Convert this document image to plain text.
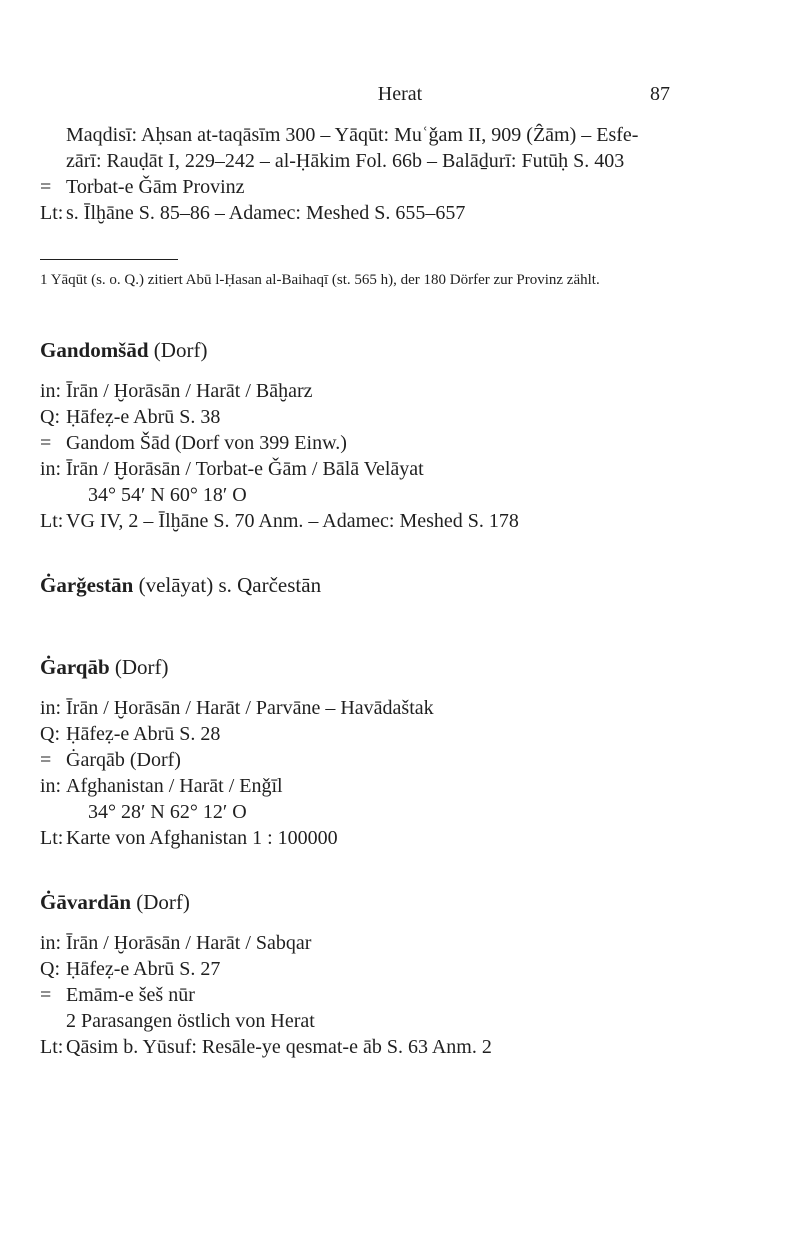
Herat	87
Maqdisī: Aḥsan at-taqāsīm 300 – Yāqūt: Muʿǧam II, 909 (Ẑām) – Esfe-
zārī: Rauḍāt I, 229–242 – al-Ḥākim Fol. 66b – Balāḏurī: Futūḥ S. 403
= Torbat-e Ǧām Provinz
Lt: s. Īlḫāne S. 85–86 – Adamec: Meshed S. 655–657
1 Yāqūt (s. o. Q.) zitiert Abū l-Ḥasan al-Baihaqī (st. 565 h), der 180 Dörfer zur Provinz zählt.
Gandomšād (Dorf)
in: Īrān / Ḫorāsān / Harāt / Bāḫarz
Q: Ḥāfeẓ-e Abrū S. 38
= Gandom Šād (Dorf von 399 Einw.)
in: Īrān / Ḫorāsān / Torbat-e Ǧām / Bālā Velāyat
34° 54′ N 60° 18′ O
Lt: VG IV, 2 – Īlḫāne S. 70 Anm. – Adamec: Meshed S. 178
Ġarǧestān (velāyat) s. Qarčestān
Ġarqāb (Dorf)
in: Īrān / Ḫorāsān / Harāt / Parvāne – Havādaštak
Q: Ḥāfeẓ-e Abrū S. 28
= Ġarqāb (Dorf)
in: Afghanistan / Harāt / Enǧīl
34° 28′ N 62° 12′ O
Lt: Karte von Afghanistan 1 : 100000
Ġāvardān (Dorf)
in: Īrān / Ḫorāsān / Harāt / Sabqar
Q: Ḥāfeẓ-e Abrū S. 27
= Emām-e šeš nūr
2 Parasangen östlich von Herat
Lt: Qāsim b. Yūsuf: Resāle-ye qesmat-e āb S. 63 Anm. 2
